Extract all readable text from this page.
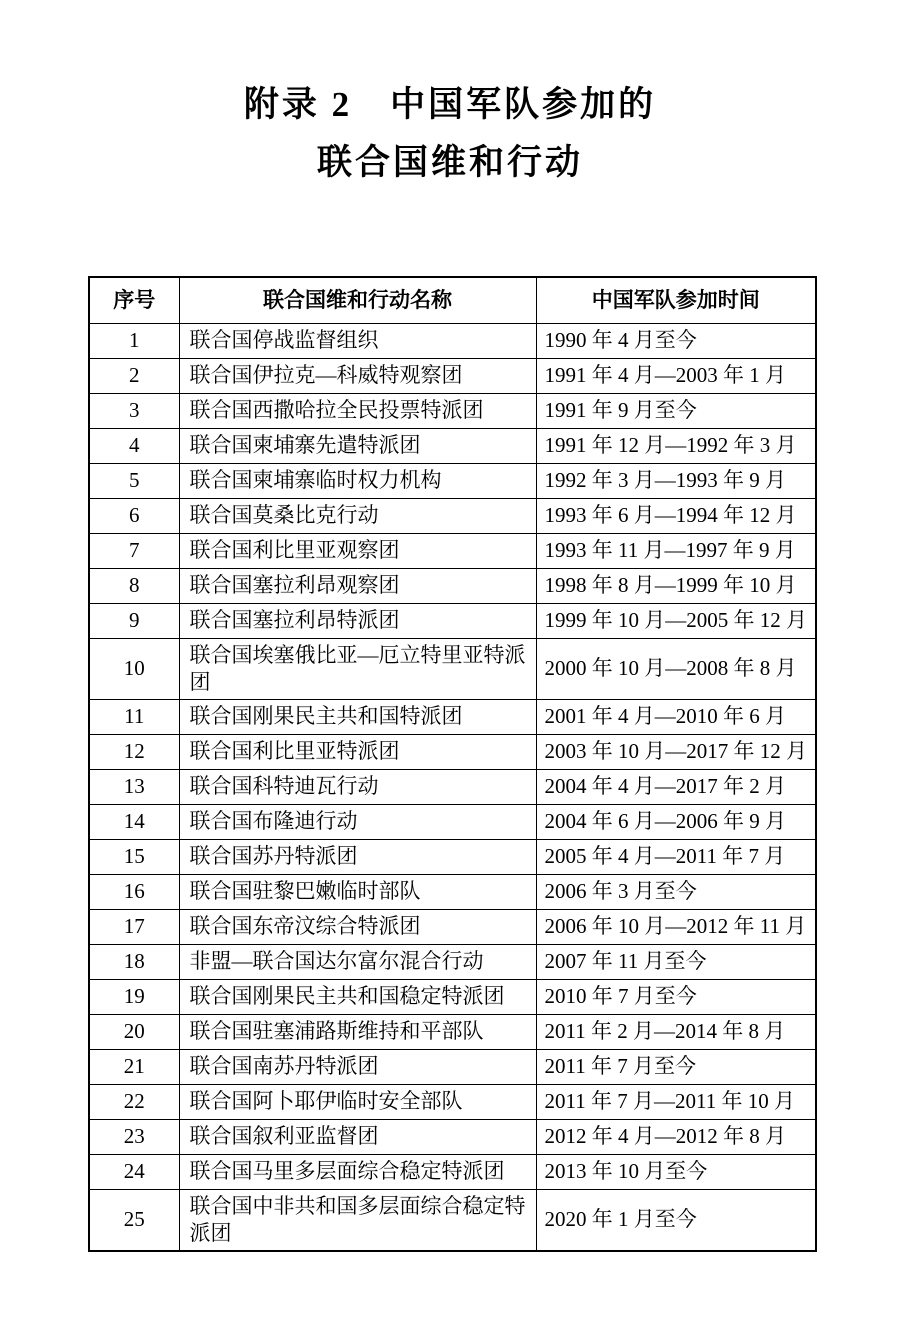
附录 2　中国军队参加的
联合国维和行动
序号	联合国维和行动名称	中国军队参加时间
1	联合国停战监督组织	1990 年 4 月至今
2	联合国伊拉克—科威特观察团	1991 年 4 月—2003 年 1 月
3	联合国西撒哈拉全民投票特派团	1991 年 9 月至今
4	联合国柬埔寨先遣特派团	1991 年 12 月—1992 年 3 月
5	联合国柬埔寨临时权力机构	1992 年 3 月—1993 年 9 月
6	联合国莫桑比克行动	1993 年 6 月—1994 年 12 月
7	联合国利比里亚观察团	1993 年 11 月—1997 年 9 月
8	联合国塞拉利昂观察团	1998 年 8 月—1999 年 10 月
9	联合国塞拉利昂特派团	1999 年 10 月—2005 年 12 月
10	联合国埃塞俄比亚—厄立特里亚特派团	2000 年 10 月—2008 年 8 月
11	联合国刚果民主共和国特派团	2001 年 4 月—2010 年 6 月
12	联合国利比里亚特派团	2003 年 10 月—2017 年 12 月
13	联合国科特迪瓦行动	2004 年 4 月—2017 年 2 月
14	联合国布隆迪行动	2004 年 6 月—2006 年 9 月
15	联合国苏丹特派团	2005 年 4 月—2011 年 7 月
16	联合国驻黎巴嫩临时部队	2006 年 3 月至今
17	联合国东帝汶综合特派团	2006 年 10 月—2012 年 11 月
18	非盟—联合国达尔富尔混合行动	2007 年 11 月至今
19	联合国刚果民主共和国稳定特派团	2010 年 7 月至今
20	联合国驻塞浦路斯维持和平部队	2011 年 2 月—2014 年 8 月
21	联合国南苏丹特派团	2011 年 7 月至今
22	联合国阿卜耶伊临时安全部队	2011 年 7 月—2011 年 10 月
23	联合国叙利亚监督团	2012 年 4 月—2012 年 8 月
24	联合国马里多层面综合稳定特派团	2013 年 10 月至今
25	联合国中非共和国多层面综合稳定特派团	2020 年 1 月至今
